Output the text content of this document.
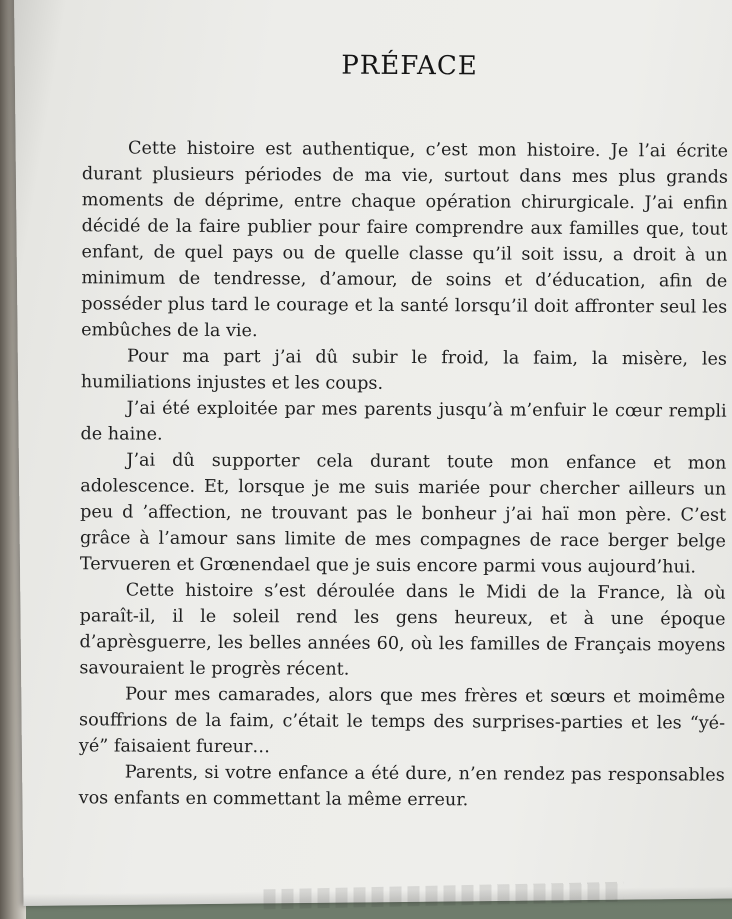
PRÉFACE

Cette histoire est authentique, c’est mon histoire. Je l’ai écrite durant plusieurs périodes de ma vie, surtout dans mes plus grands moments de déprime, entre chaque opération chirurgicale. J’ai enfin décidé de la faire publier pour faire comprendre aux familles que, tout enfant, de quel pays ou de quelle classe qu’il soit issu, a droit à un minimum de tendresse, d’amour, de soins et d’éducation, afin de posséder plus tard le courage et la santé lorsqu’il doit affronter seul les embûches de la vie.

Pour ma part j’ai dû subir le froid, la faim, la misère, les humiliations injustes et les coups.

J’ai été exploitée par mes parents jusqu’à m’enfuir le cœur rempli de haine.

J’ai dû supporter cela durant toute mon enfance et mon adolescence. Et, lorsque je me suis mariée pour chercher ailleurs un peu d ’affection, ne trouvant pas le bonheur j’ai haï mon père. C’est grâce à l’amour sans limite de mes compagnes de race berger belge Tervueren et Grœnendael que je suis encore parmi vous aujourd’hui.

Cette histoire s’est déroulée dans le Midi de la France, là où paraît-il, il le soleil rend les gens heureux, et à une époque d’aprèsguerre, les belles années 60, où les familles de Français moyens savouraient le progrès récent.

Pour mes camarades, alors que mes frères et sœurs et moimême souffrions de la faim, c’était le temps des surprises-parties et les “yé-yé” faisaient fureur…

Parents, si votre enfance a été dure, n’en rendez pas responsables vos enfants en commettant la même erreur.
